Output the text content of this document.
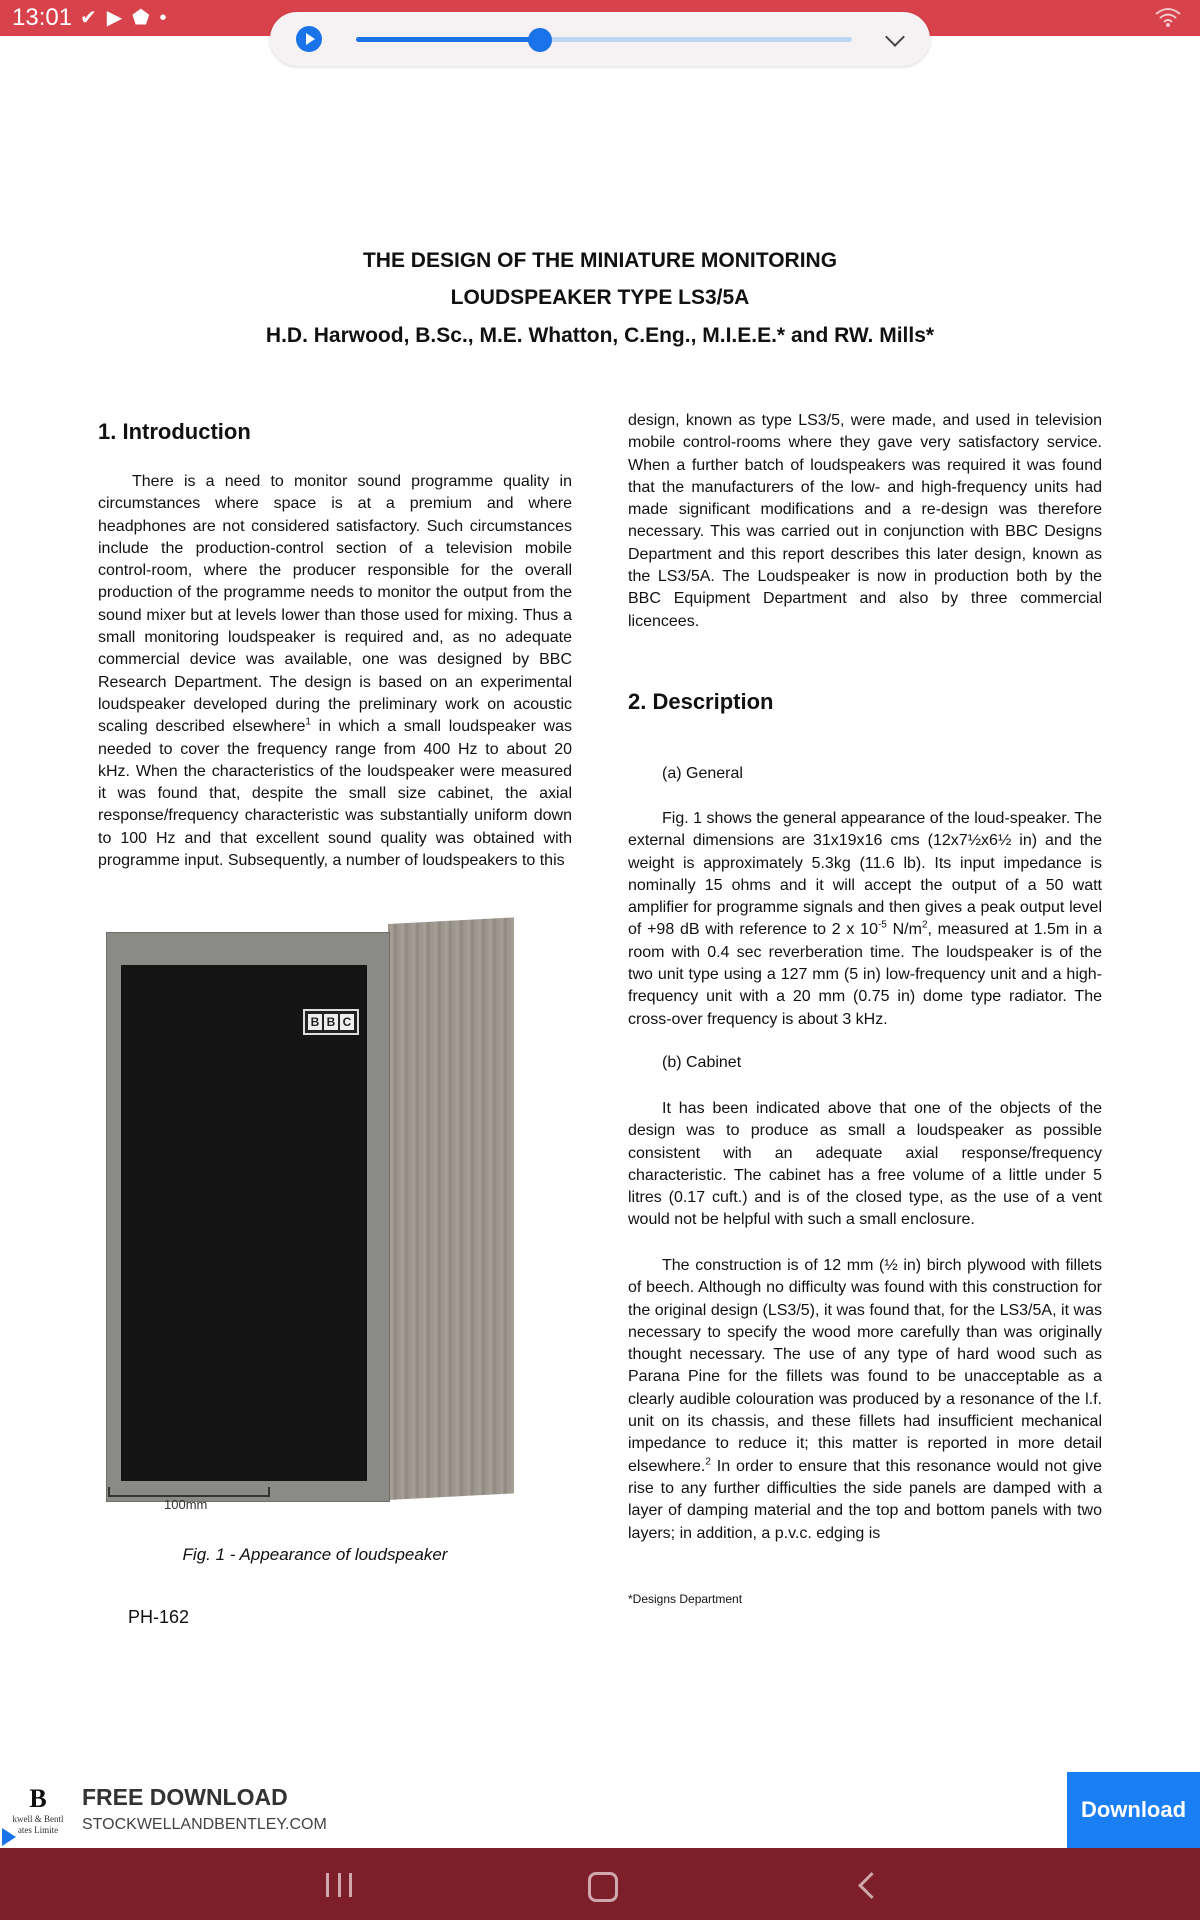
13:01 ✔ ▶ ⬟ •
THE DESIGN OF THE MINIATURE MONITORING
LOUDSPEAKER TYPE LS3/5A
H.D. Harwood, B.Sc., M.E. Whatton, C.Eng., M.I.E.E.* and RW. Mills*
1. Introduction

There is a need to monitor sound programme quality in circumstances where space is at a premium and where headphones are not considered satisfactory. Such circumstances include the production-control section of a television mobile control-room, where the producer responsible for the overall production of the programme needs to monitor the output from the sound mixer but at levels lower than those used for mixing. Thus a small monitoring loudspeaker is required and, as no adequate commercial device was available, one was designed by BBC Research Department. The design is based on an experimental loudspeaker developed during the preliminary work on acoustic scaling described elsewhere$^1$ in which a small loudspeaker was needed to cover the frequency range from 400 Hz to about 20 kHz. When the characteristics of the loudspeaker were measured it was found that, despite the small size cabinet, the axial response/frequency characteristic was substantially uniform down to 100 Hz and that excellent sound quality was obtained with programme input. Subsequently, a number of loudspeakers to this

B B C
100mm
Fig. 1 - Appearance of loudspeaker
PH-162

design, known as type LS3/5, were made, and used in television mobile control-rooms where they gave very satisfactory service. When a further batch of loudspeakers was required it was found that the manufacturers of the low- and high-frequency units had made significant modifications and a re-design was therefore necessary. This was carried out in conjunction with BBC Designs Department and this report describes this later design, known as the LS3/5A. The Loudspeaker is now in production both by the BBC Equipment Department and also by three commercial licencees.

2. Description
(a) General

Fig. 1 shows the general appearance of the loud-speaker. The external dimensions are 31x19x16 cms (12x7½x6½ in) and the weight is approximately 5.3kg (11.6 lb). Its input impedance is nominally 15 ohms and it will accept the output of a 50 watt amplifier for programme signals and then gives a peak output level of +98 dB with reference to 2 x $10^{-5}$ $N/m^2$, measured at 1.5m in a room with 0.4 sec reverberation time. The loudspeaker is of the two unit type using a 127 mm (5 in) low-frequency unit and a high-frequency unit with a 20 mm (0.75 in) dome type radiator. The cross-over frequency is about 3 kHz.

(b) Cabinet

It has been indicated above that one of the objects of the design was to produce as small a loudspeaker as possible consistent with an adequate axial response/frequency characteristic. The cabinet has a free volume of a little under 5 litres (0.17 cuft.) and is of the closed type, as the use of a vent would not be helpful with such a small enclosure.

The construction is of 12 mm (½ in) birch plywood with fillets of beech. Although no difficulty was found with this construction for the original design (LS3/5), it was found that, for the LS3/5A, it was necessary to specify the wood more carefully than was originally thought necessary. The use of any type of hard wood such as Parana Pine for the fillets was found to be unacceptable as a clearly audible colouration was produced by a resonance of the l.f. unit on its chassis, and these fillets had insufficient mechanical impedance to reduce it; this matter is reported in more detail elsewhere.$^2$ In order to ensure that this resonance would not give rise to any further difficulties the side panels are damped with a layer of damping material and the top and bottom panels with two layers; in addition, a p.v.c. edging is

*Designs Department
B
kwell & Bentl
ates Limite
FREE DOWNLOAD
STOCKWELLANDBENTLEY.COM
Download
